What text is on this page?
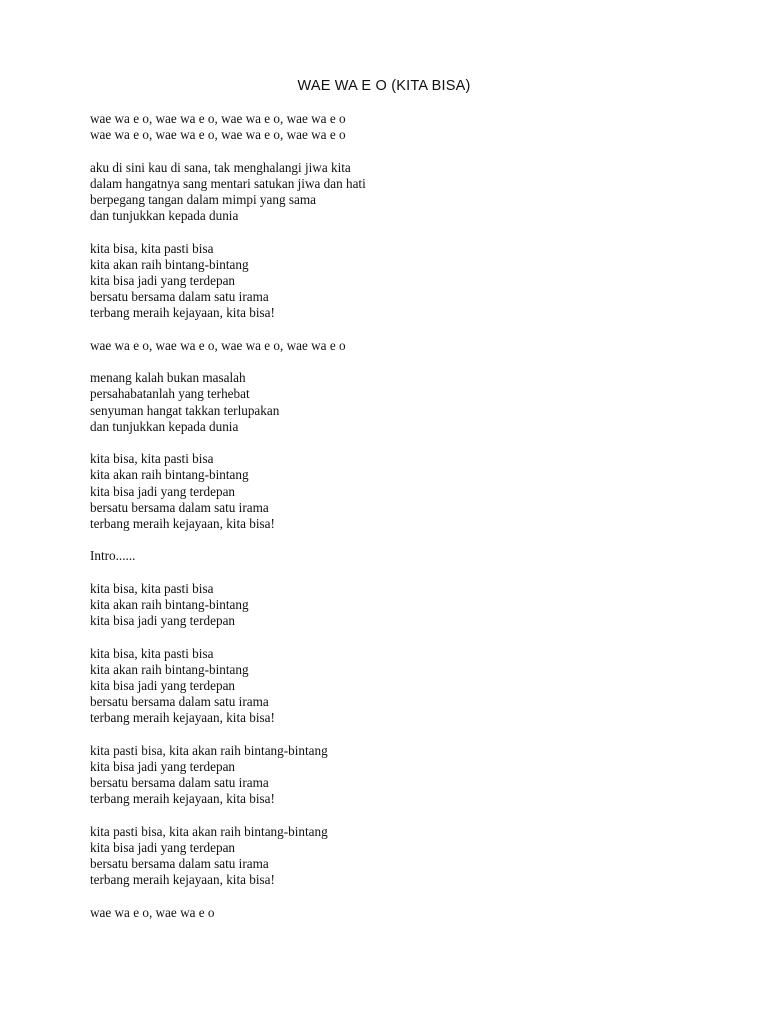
WAE WA E O (KITA BISA)
wae wa e o, wae wa e o, wae wa e o, wae wa e o
wae wa e o, wae wa e o, wae wa e o, wae wa e o
aku di sini kau di sana, tak menghalangi jiwa kita
dalam hangatnya sang mentari satukan jiwa dan hati
berpegang tangan dalam mimpi yang sama
dan tunjukkan kepada dunia
kita bisa, kita pasti bisa
kita akan raih bintang-bintang
kita bisa jadi yang terdepan
bersatu bersama dalam satu irama
terbang meraih kejayaan, kita bisa!
wae wa e o, wae wa e o, wae wa e o, wae wa e o
menang kalah bukan masalah
persahabatanlah yang terhebat
senyuman hangat takkan terlupakan
dan tunjukkan kepada dunia
kita bisa, kita pasti bisa
kita akan raih bintang-bintang
kita bisa jadi yang terdepan
bersatu bersama dalam satu irama
terbang meraih kejayaan, kita bisa!
Intro......
kita bisa, kita pasti bisa
kita akan raih bintang-bintang
kita bisa jadi yang terdepan
kita bisa, kita pasti bisa
kita akan raih bintang-bintang
kita bisa jadi yang terdepan
bersatu bersama dalam satu irama
terbang meraih kejayaan, kita bisa!
kita pasti bisa, kita akan raih bintang-bintang
kita bisa jadi yang terdepan
bersatu bersama dalam satu irama
terbang meraih kejayaan, kita bisa!
kita pasti bisa, kita akan raih bintang-bintang
kita bisa jadi yang terdepan
bersatu bersama dalam satu irama
terbang meraih kejayaan, kita bisa!
wae wa e o, wae wa e o
